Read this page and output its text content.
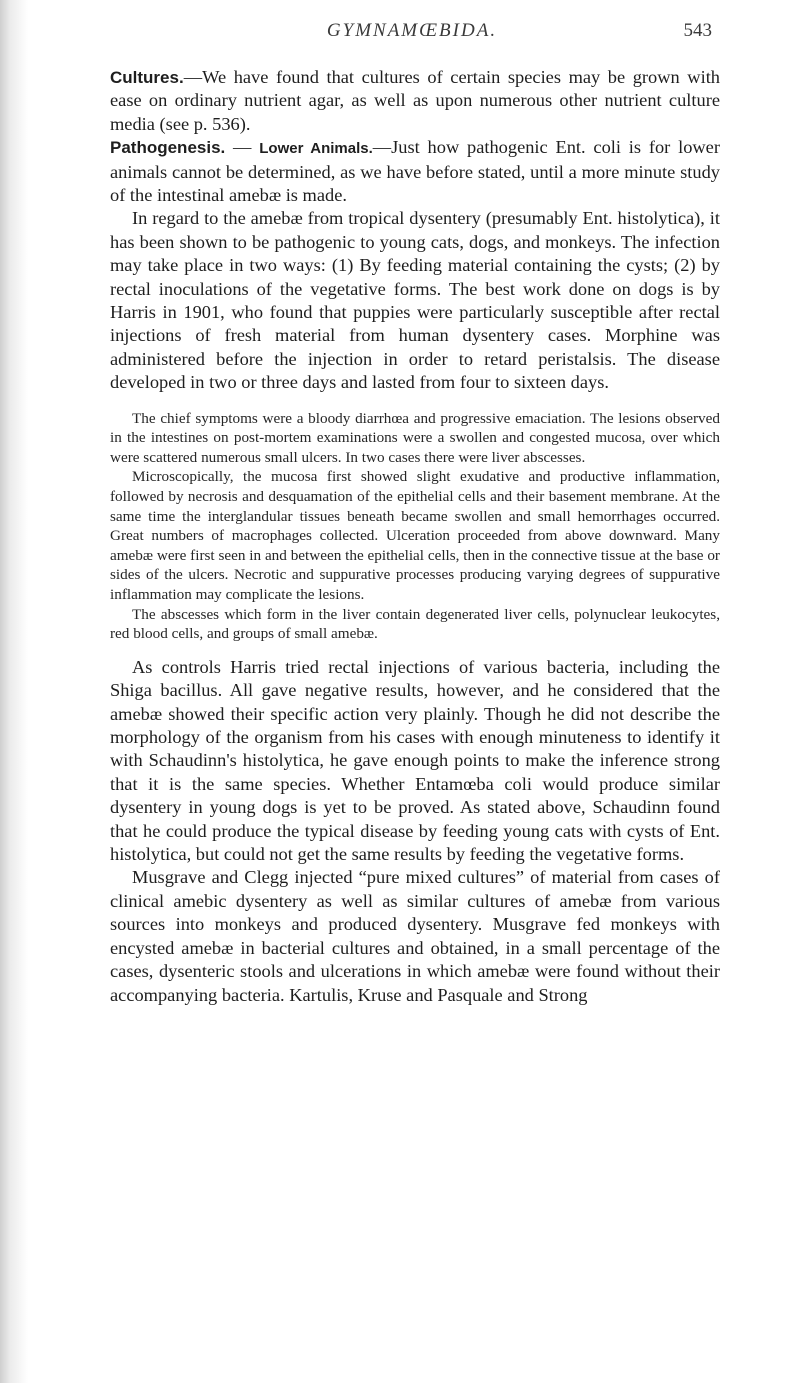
GYMNAMŒBIDA.	543

Cultures.—We have found that cultures of certain species may be grown with ease on ordinary nutrient agar, as well as upon numerous other nutrient culture media (see p. 536).

Pathogenesis. — Lower Animals.—Just how pathogenic Ent. coli is for lower animals cannot be determined, as we have before stated, until a more minute study of the intestinal amebæ is made.

In regard to the amebæ from tropical dysentery (presumably Ent. histolytica), it has been shown to be pathogenic to young cats, dogs, and monkeys. The infection may take place in two ways: (1) By feeding material containing the cysts; (2) by rectal inoculations of the vegetative forms. The best work done on dogs is by Harris in 1901, who found that puppies were particularly susceptible after rectal injections of fresh material from human dysentery cases. Morphine was administered before the injection in order to retard peristalsis. The disease developed in two or three days and lasted from four to sixteen days.

The chief symptoms were a bloody diarrhœa and progressive emaciation. The lesions observed in the intestines on post-mortem examinations were a swollen and congested mucosa, over which were scattered numerous small ulcers. In two cases there were liver abscesses.

Microscopically, the mucosa first showed slight exudative and productive inflammation, followed by necrosis and desquamation of the epithelial cells and their basement membrane. At the same time the interglandular tissues beneath became swollen and small hemorrhages occurred. Great numbers of macrophages collected. Ulceration proceeded from above downward. Many amebæ were first seen in and between the epithelial cells, then in the connective tissue at the base or sides of the ulcers. Necrotic and suppurative processes producing varying degrees of suppurative inflammation may complicate the lesions.

The abscesses which form in the liver contain degenerated liver cells, polynuclear leukocytes, red blood cells, and groups of small amebæ.

As controls Harris tried rectal injections of various bacteria, including the Shiga bacillus. All gave negative results, however, and he considered that the amebæ showed their specific action very plainly. Though he did not describe the morphology of the organism from his cases with enough minuteness to identify it with Schaudinn's histolytica, he gave enough points to make the inference strong that it is the same species. Whether Entamœba coli would produce similar dysentery in young dogs is yet to be proved. As stated above, Schaudinn found that he could produce the typical disease by feeding young cats with cysts of Ent. histolytica, but could not get the same results by feeding the vegetative forms.

Musgrave and Clegg injected “pure mixed cultures” of material from cases of clinical amebic dysentery as well as similar cultures of amebæ from various sources into monkeys and produced dysentery. Musgrave fed monkeys with encysted amebæ in bacterial cultures and obtained, in a small percentage of the cases, dysenteric stools and ulcerations in which amebæ were found without their accompanying bacteria. Kartulis, Kruse and Pasquale and Strong
